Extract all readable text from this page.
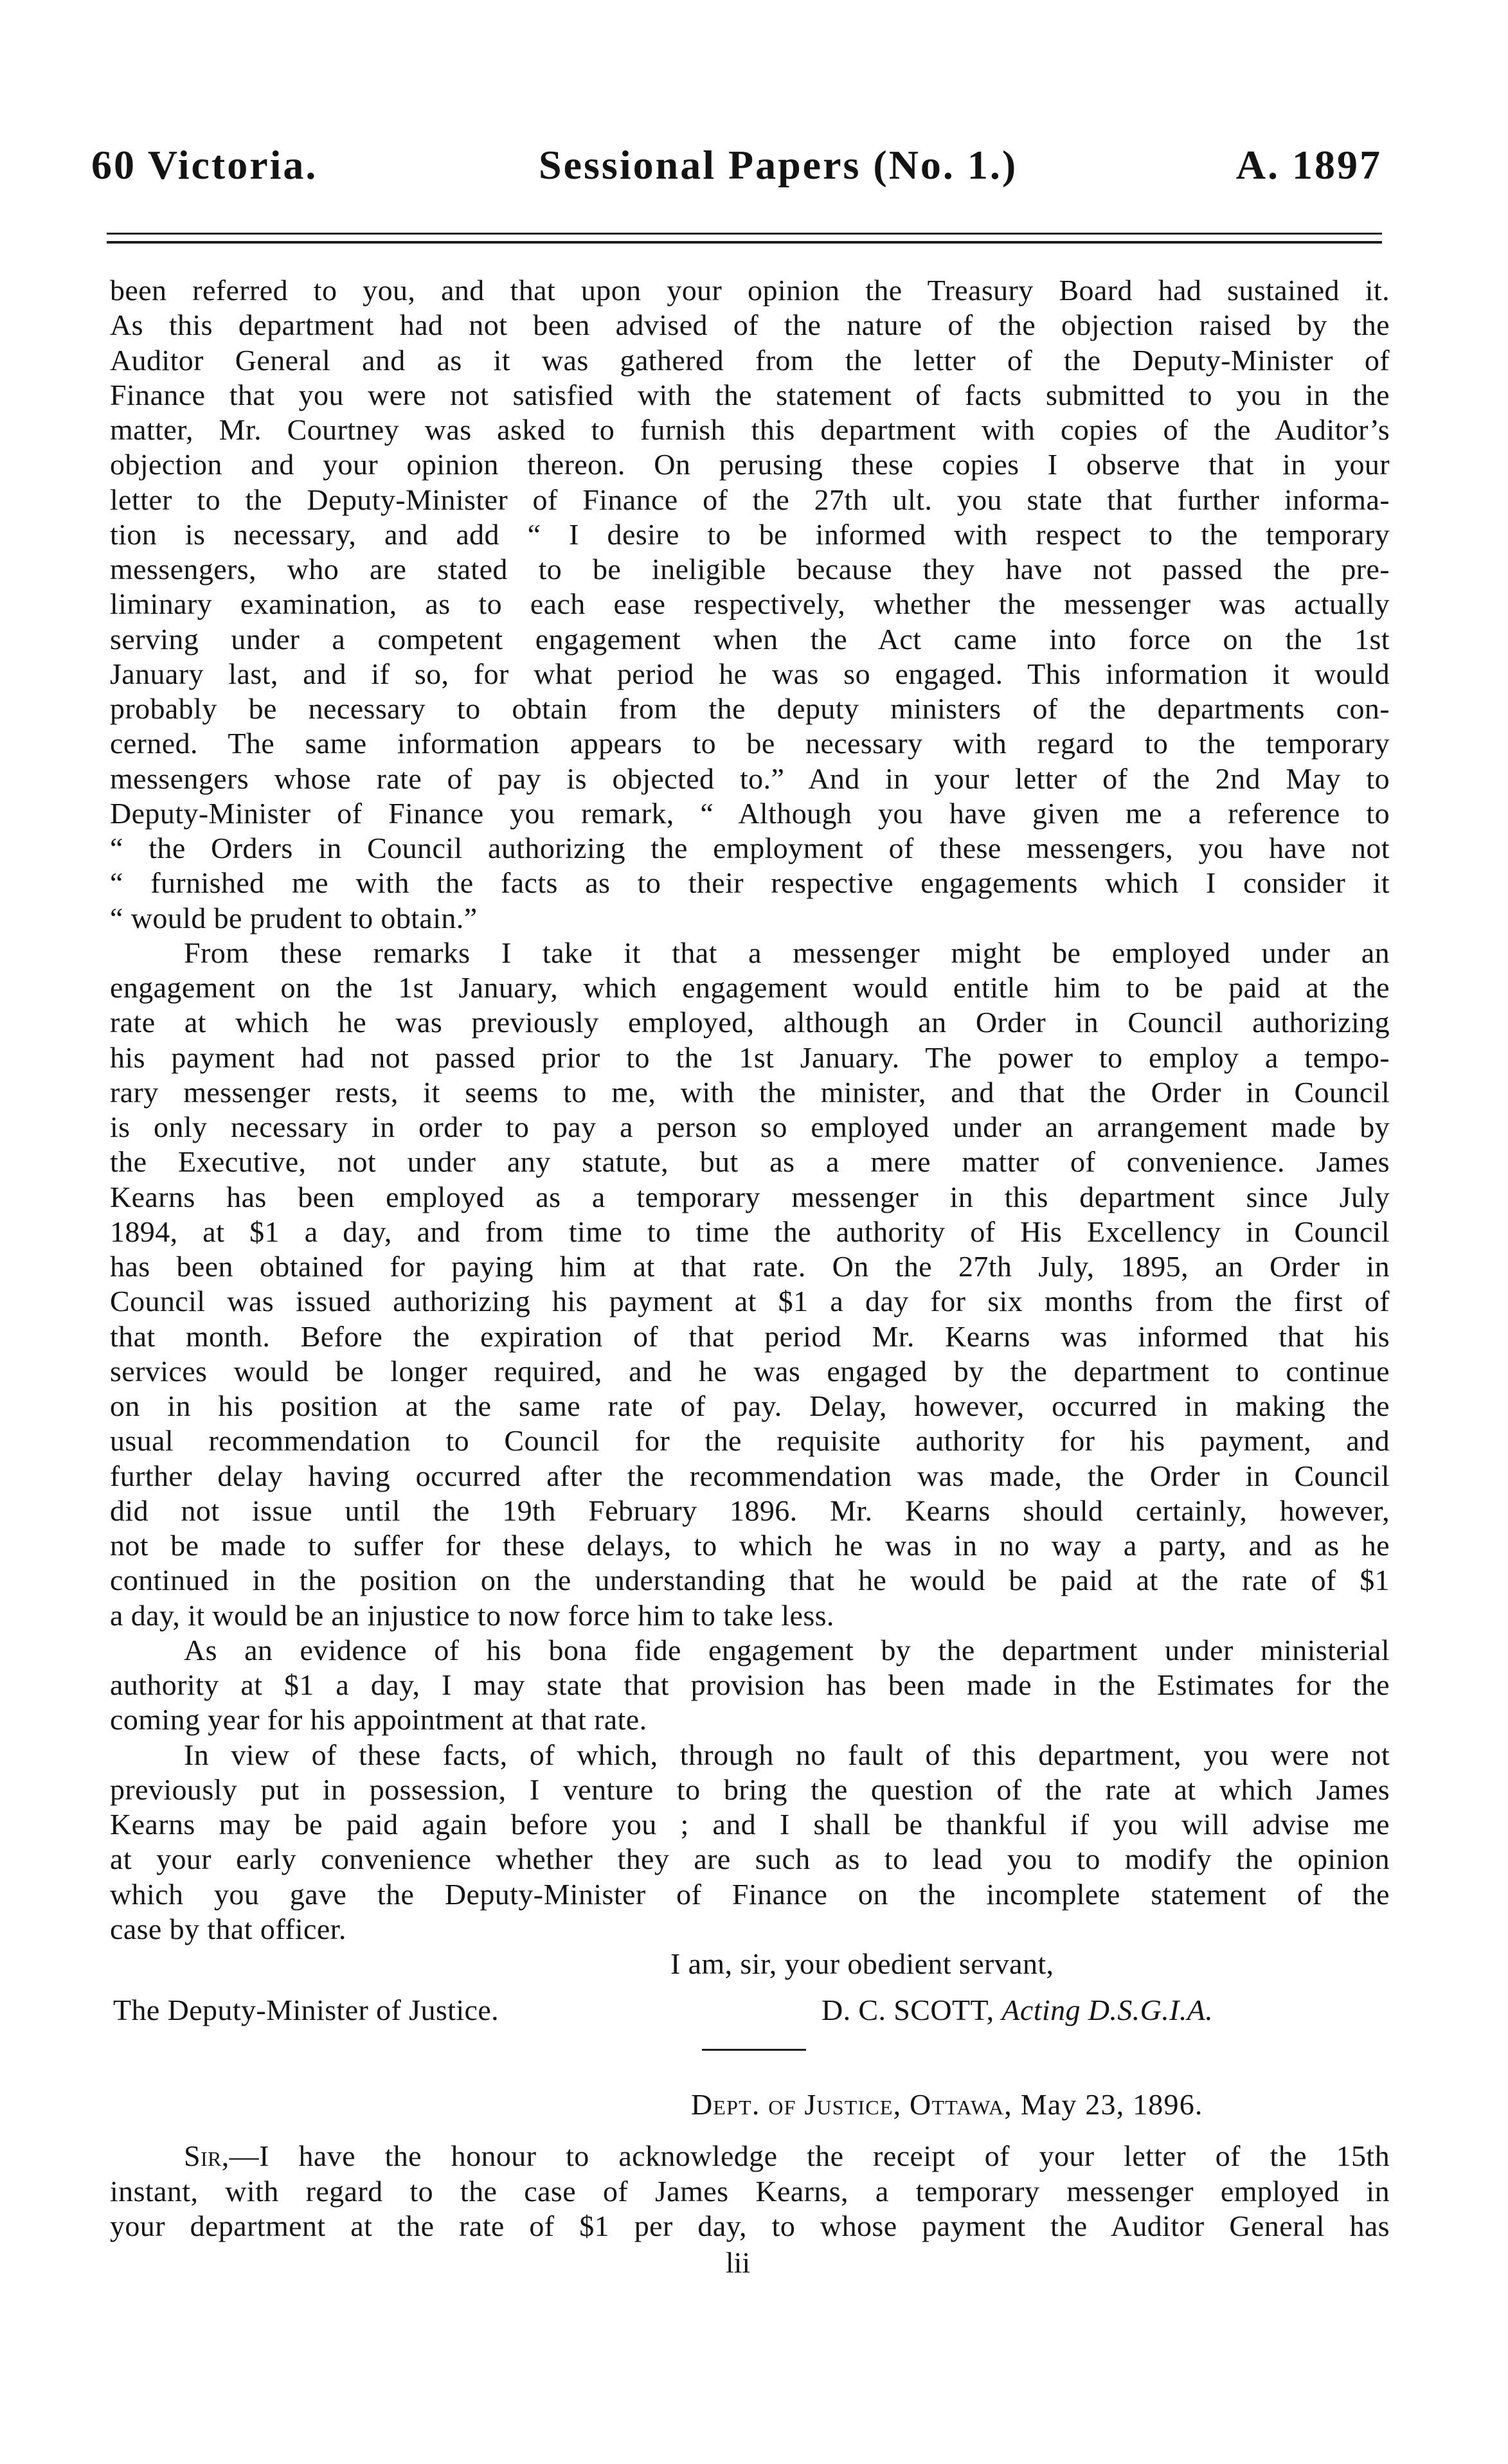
60 Victoria.	Sessional Papers (No. 1.)	A. 1897
been referred to you, and that upon your opinion the Treasury Board had sustained it.
As this department had not been advised of the nature of the objection raised by the
Auditor General and as it was gathered from the letter of the Deputy-Minister of
Finance that you were not satisfied with the statement of facts submitted to you in the
matter, Mr. Courtney was asked to furnish this department with copies of the Auditor’s
objection and your opinion thereon. On perusing these copies I observe that in your
letter to the Deputy-Minister of Finance of the 27th ult. you state that further informa-
tion is necessary, and add “ I desire to be informed with respect to the temporary
messengers, who are stated to be ineligible because they have not passed the pre-
liminary examination, as to each ease respectively, whether the messenger was actually
serving under a competent engagement when the Act came into force on the 1st
January last, and if so, for what period he was so engaged. This information it would
probably be necessary to obtain from the deputy ministers of the departments con-
cerned. The same information appears to be necessary with regard to the temporary
messengers whose rate of pay is objected to.” And in your letter of the 2nd May to
Deputy-Minister of Finance you remark, “ Although you have given me a reference to
“ the Orders in Council authorizing the employment of these messengers, you have not
“ furnished me with the facts as to their respective engagements which I consider it
“ would be prudent to obtain.”
From these remarks I take it that a messenger might be employed under an
engagement on the 1st January, which engagement would entitle him to be paid at the
rate at which he was previously employed, although an Order in Council authorizing
his payment had not passed prior to the 1st January. The power to employ a tempo-
rary messenger rests, it seems to me, with the minister, and that the Order in Council
is only necessary in order to pay a person so employed under an arrangement made by
the Executive, not under any statute, but as a mere matter of convenience. James
Kearns has been employed as a temporary messenger in this department since July
1894, at $1 a day, and from time to time the authority of His Excellency in Council
has been obtained for paying him at that rate. On the 27th July, 1895, an Order in
Council was issued authorizing his payment at $1 a day for six months from the first of
that month. Before the expiration of that period Mr. Kearns was informed that his
services would be longer required, and he was engaged by the department to continue
on in his position at the same rate of pay. Delay, however, occurred in making the
usual recommendation to Council for the requisite authority for his payment, and
further delay having occurred after the recommendation was made, the Order in Council
did not issue until the 19th February 1896. Mr. Kearns should certainly, however,
not be made to suffer for these delays, to which he was in no way a party, and as he
continued in the position on the understanding that he would be paid at the rate of $1
a day, it would be an injustice to now force him to take less.
As an evidence of his bona fide engagement by the department under ministerial
authority at $1 a day, I may state that provision has been made in the Estimates for the
coming year for his appointment at that rate.
In view of these facts, of which, through no fault of this department, you were not
previously put in possession, I venture to bring the question of the rate at which James
Kearns may be paid again before you ; and I shall be thankful if you will advise me
at your early convenience whether they are such as to lead you to modify the opinion
which you gave the Deputy-Minister of Finance on the incomplete statement of the
case by that officer.
I am, sir, your obedient servant,
The Deputy-Minister of Justice.	D. C. SCOTT, Acting D.S.G.I.A.
Dept. of Justice, Ottawa, May 23, 1896.
Sir,—I have the honour to acknowledge the receipt of your letter of the 15th
instant, with regard to the case of James Kearns, a temporary messenger employed in
your department at the rate of $1 per day, to whose payment the Auditor General has
lii
